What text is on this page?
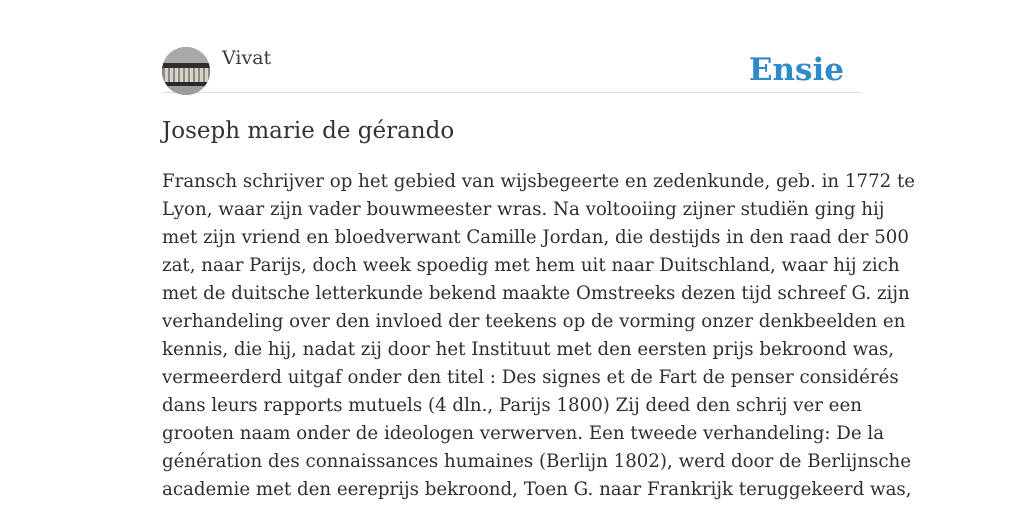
Vivat	Ensie
Joseph marie de gérando
Fransch schrijver op het gebied van wijsbegeerte en zedenkunde, geb. in 1772 te
Lyon, waar zijn vader bouwmeester wras. Na voltooiing zijner studiën ging hij
met zijn vriend en bloedverwant Camille Jordan, die destijds in den raad der 500
zat, naar Parijs, doch week spoedig met hem uit naar Duitschland, waar hij zich
met de duitsche letterkunde bekend maakte Omstreeks dezen tijd schreef G. zijn
verhandeling over den invloed der teekens op de vorming onzer denkbeelden en
kennis, die hij, nadat zij door het Instituut met den eersten prijs bekroond was,
vermeerderd uitgaf onder den titel : Des signes et de Fart de penser considérés
dans leurs rapports mutuels (4 dln., Parijs 1800) Zij deed den schrij ver een
grooten naam onder de ideologen verwerven. Een tweede verhandeling: De la
génération des connaissances humaines (Berlijn 1802), werd door de Berlijnsche
academie met den eereprijs bekroond, Toen G. naar Frankrijk teruggekeerd was,
